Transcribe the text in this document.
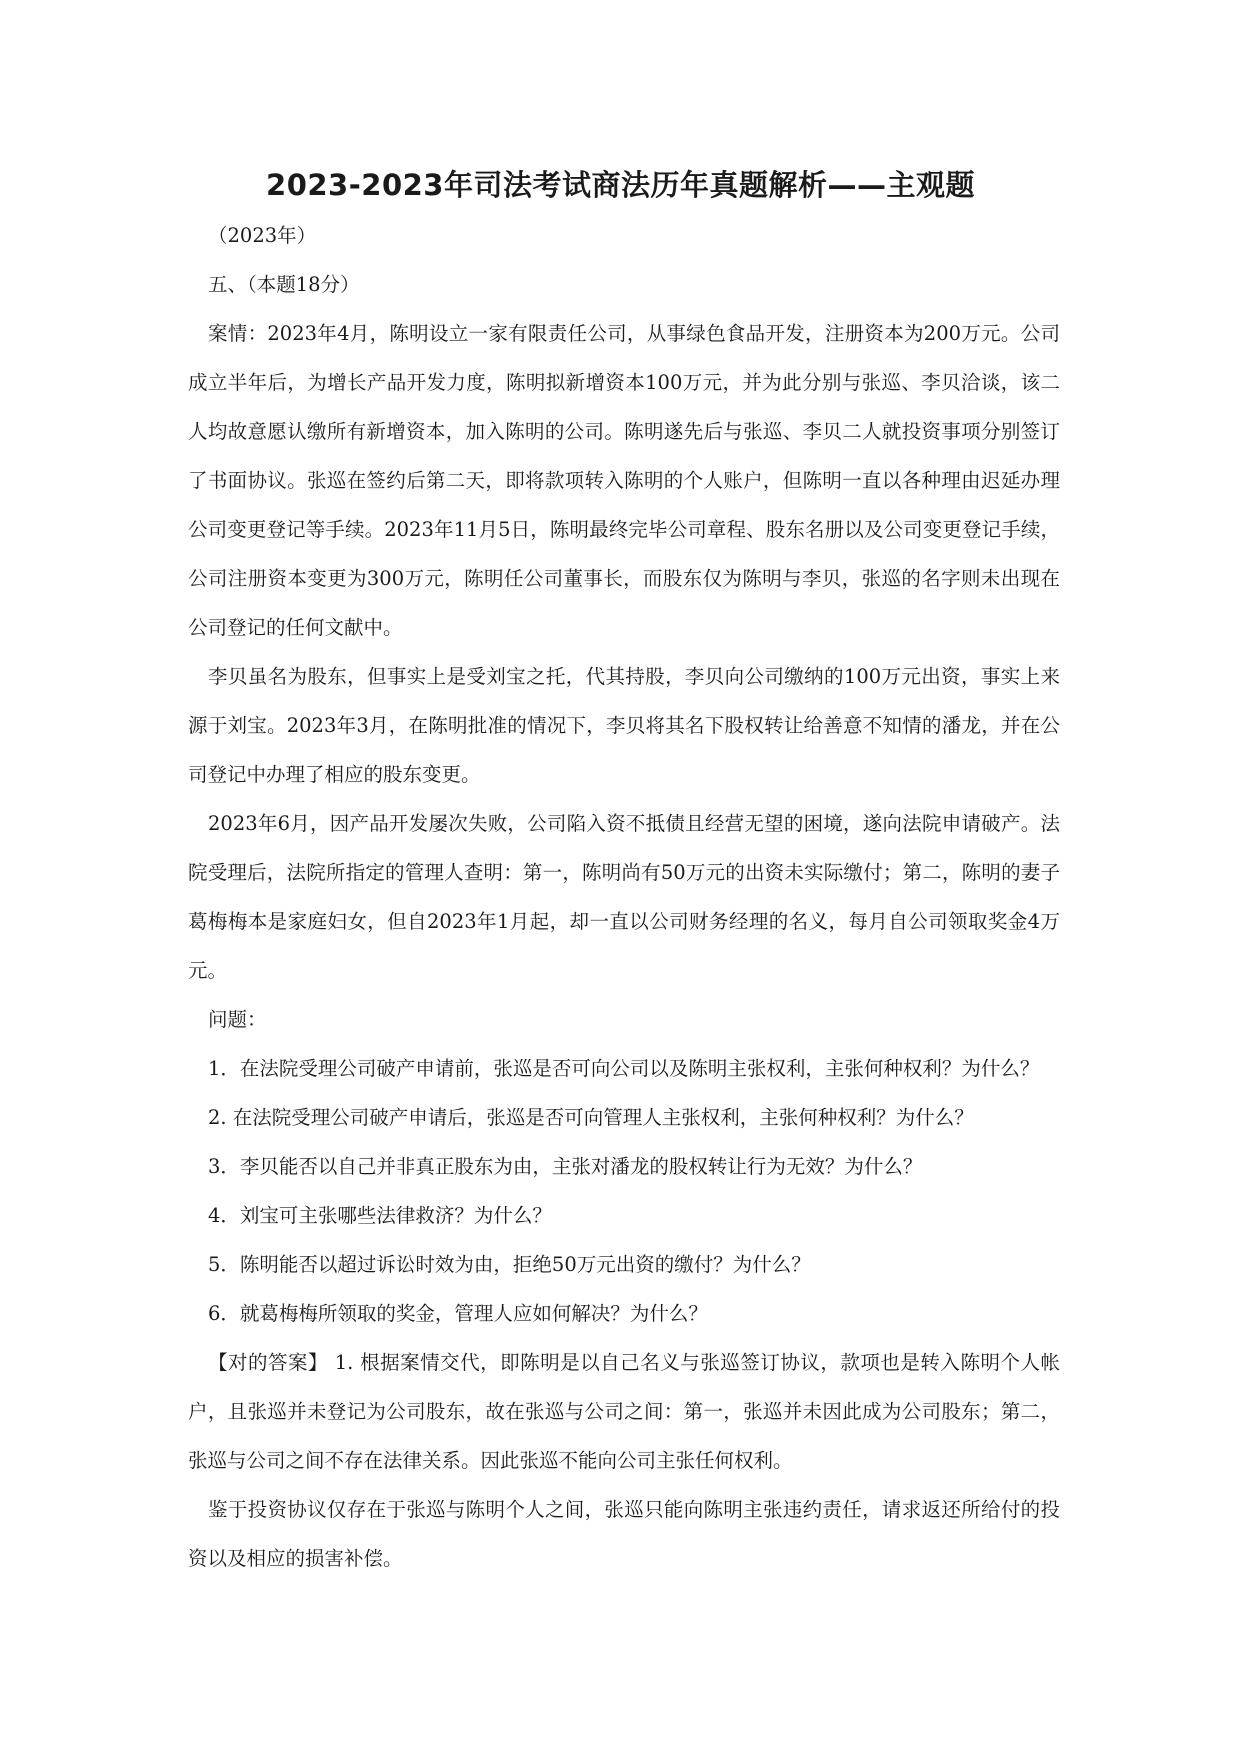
2023-2023年司法考试商法历年真题解析——主观题

（2023年）

五、（本题18分）

案情：2023年4月，陈明设立一家有限责任公司，从事绿色食品开发，注册资本为200万元。公司成立半年后，为增长产品开发力度，陈明拟新增资本100万元，并为此分别与张巡、李贝洽谈，该二人均故意愿认缴所有新增资本，加入陈明的公司。陈明遂先后与张巡、李贝二人就投资事项分别签订了书面协议。张巡在签约后第二天，即将款项转入陈明的个人账户，但陈明一直以各种理由迟延办理公司变更登记等手续。2023年11月5日，陈明最终完毕公司章程、股东名册以及公司变更登记手续，公司注册资本变更为300万元，陈明任公司董事长，而股东仅为陈明与李贝，张巡的名字则未出现在公司登记的任何文献中。

李贝虽名为股东，但事实上是受刘宝之托，代其持股，李贝向公司缴纳的100万元出资，事实上来源于刘宝。2023年3月，在陈明批准的情况下，李贝将其名下股权转让给善意不知情的潘龙，并在公司登记中办理了相应的股东变更。

2023年6月，因产品开发屡次失败，公司陷入资不抵债且经营无望的困境，遂向法院申请破产。法院受理后，法院所指定的管理人查明：第一，陈明尚有50万元的出资未实际缴付；第二，陈明的妻子葛梅梅本是家庭妇女，但自2023年1月起，却一直以公司财务经理的名义，每月自公司领取奖金4万元。

问题：

1．在法院受理公司破产申请前，张巡是否可向公司以及陈明主张权利，主张何种权利？为什么？

2. 在法院受理公司破产申请后，张巡是否可向管理人主张权利，主张何种权利？为什么？

3．李贝能否以自己并非真正股东为由，主张对潘龙的股权转让行为无效？为什么？

4．刘宝可主张哪些法律救济？为什么？

5．陈明能否以超过诉讼时效为由，拒绝50万元出资的缴付？为什么？

6．就葛梅梅所领取的奖金，管理人应如何解决？为什么？

【对的答案】 1. 根据案情交代，即陈明是以自己名义与张巡签订协议，款项也是转入陈明个人帐户，且张巡并未登记为公司股东，故在张巡与公司之间：第一，张巡并未因此成为公司股东；第二，张巡与公司之间不存在法律关系。因此张巡不能向公司主张任何权利。

鉴于投资协议仅存在于张巡与陈明个人之间，张巡只能向陈明主张违约责任，请求返还所给付的投资以及相应的损害补偿。
